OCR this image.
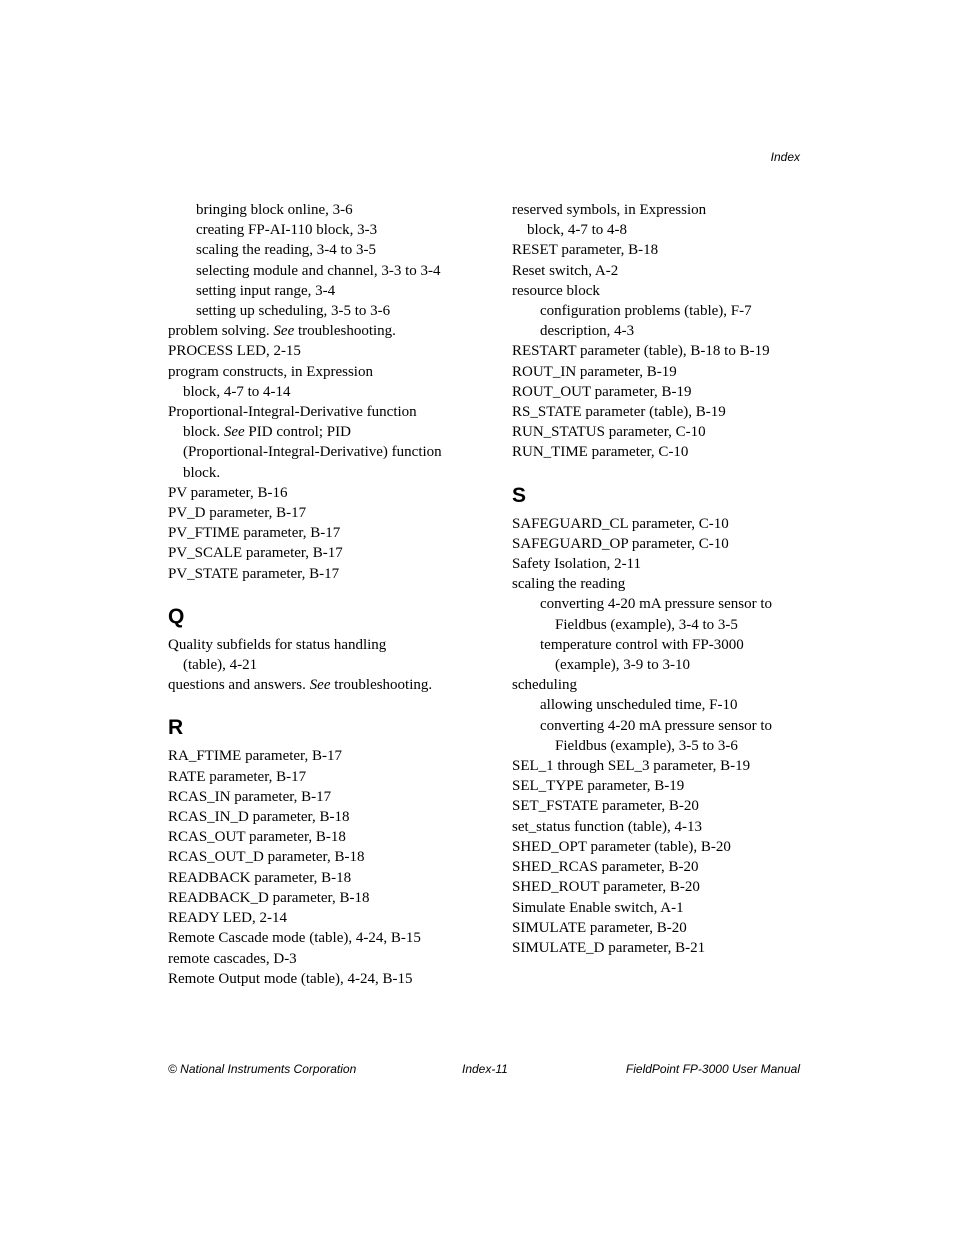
Index
bringing block online, 3-6
creating FP-AI-110 block, 3-3
scaling the reading, 3-4 to 3-5
selecting module and channel, 3-3 to 3-4
setting input range, 3-4
setting up scheduling, 3-5 to 3-6
problem solving. See troubleshooting.
PROCESS LED, 2-15
program constructs, in Expression
block, 4-7 to 4-14
Proportional-Integral-Derivative function
block. See PID control; PID
(Proportional-Integral-Derivative) function
block.
PV parameter, B-16
PV_D parameter, B-17
PV_FTIME parameter, B-17
PV_SCALE parameter, B-17
PV_STATE parameter, B-17
Q
Quality subfields for status handling
(table), 4-21
questions and answers. See troubleshooting.
R
RA_FTIME parameter, B-17
RATE parameter, B-17
RCAS_IN parameter, B-17
RCAS_IN_D parameter, B-18
RCAS_OUT parameter, B-18
RCAS_OUT_D parameter, B-18
READBACK parameter, B-18
READBACK_D parameter, B-18
READY LED, 2-14
Remote Cascade mode (table), 4-24, B-15
remote cascades, D-3
Remote Output mode (table), 4-24, B-15
reserved symbols, in Expression
block, 4-7 to 4-8
RESET parameter, B-18
Reset switch, A-2
resource block
configuration problems (table), F-7
description, 4-3
RESTART parameter (table), B-18 to B-19
ROUT_IN parameter, B-19
ROUT_OUT parameter, B-19
RS_STATE parameter (table), B-19
RUN_STATUS parameter, C-10
RUN_TIME parameter, C-10
S
SAFEGUARD_CL parameter, C-10
SAFEGUARD_OP parameter, C-10
Safety Isolation, 2-11
scaling the reading
converting 4-20 mA pressure sensor to
Fieldbus (example), 3-4 to 3-5
temperature control with FP-3000
(example), 3-9 to 3-10
scheduling
allowing unscheduled time, F-10
converting 4-20 mA pressure sensor to
Fieldbus (example), 3-5 to 3-6
SEL_1 through SEL_3 parameter, B-19
SEL_TYPE parameter, B-19
SET_FSTATE parameter, B-20
set_status function (table), 4-13
SHED_OPT parameter (table), B-20
SHED_RCAS parameter, B-20
SHED_ROUT parameter, B-20
Simulate Enable switch, A-1
SIMULATE parameter, B-20
SIMULATE_D parameter, B-21
© National Instruments Corporation	Index-11	FieldPoint FP-3000 User Manual
